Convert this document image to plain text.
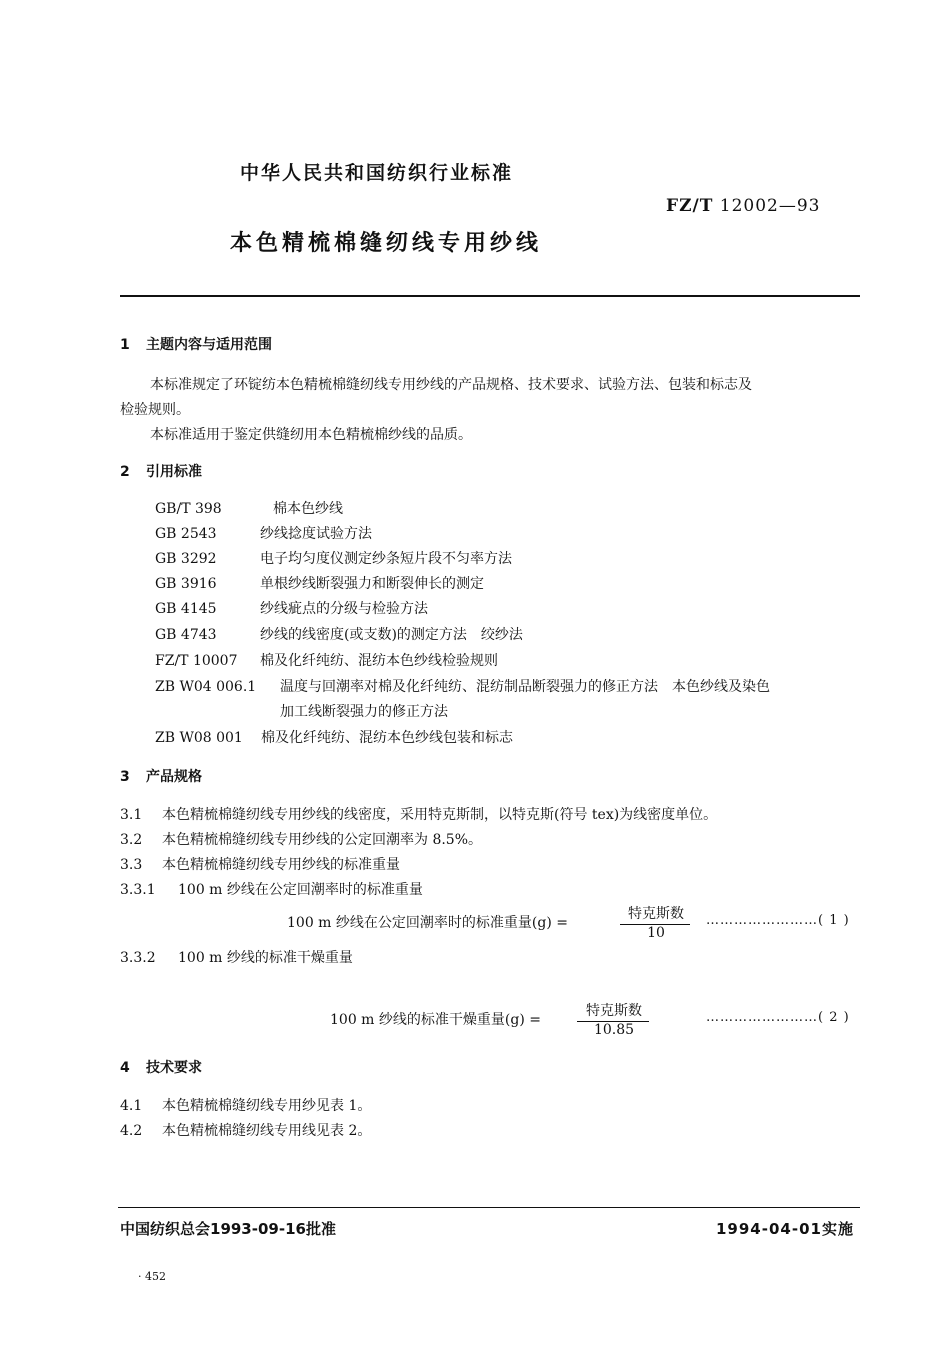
中华人民共和国纺织行业标准
FZ/T 12002—93
本色精梳棉缝纫线专用纱线
1 主题内容与适用范围
本标准规定了环锭纺本色精梳棉缝纫线专用纱线的产品规格、技术要求、试验方法、包装和标志及
检验规则。
本标准适用于鉴定供缝纫用本色精梳棉纱线的品质。
2 引用标准
GB/T 398	棉本色纱线
GB 2543	纱线捻度试验方法
GB 3292	电子均匀度仪测定纱条短片段不匀率方法
GB 3916	单根纱线断裂强力和断裂伸长的测定
GB 4145	纱线疵点的分级与检验方法
GB 4743	纱线的线密度(或支数)的测定方法　绞纱法
FZ/T 10007 棉及化纤纯纺、混纺本色纱线检验规则
ZB W04 006.1 温度与回潮率对棉及化纤纯纺、混纺制品断裂强力的修正方法　本色纱线及染色
加工线断裂强力的修正方法
ZB W08 001 棉及化纤纯纺、混纺本色纱线包装和标志
3 产品规格
3.1 本色精梳棉缝纫线专用纱线的线密度，采用特克斯制，以特克斯(符号 tex)为线密度单位。
3.2 本色精梳棉缝纫线专用纱线的公定回潮率为 8.5%。
3.3 本色精梳棉缝纫线专用纱线的标准重量
3.3.1 100 m 纱线在公定回潮率时的标准重量
100 m 纱线在公定回潮率时的标准重量(g) =
特克斯数
10
……………………( 1 )
3.3.2 100 m 纱线的标准干燥重量
100 m 纱线的标准干燥重量(g) =
特克斯数
10.85
……………………( 2 )
4 技术要求
4.1 本色精梳棉缝纫线专用纱见表 1。
4.2 本色精梳棉缝纫线专用线见表 2。
中国纺织总会1993-09-16批准	1994-04-01实施
· 452
